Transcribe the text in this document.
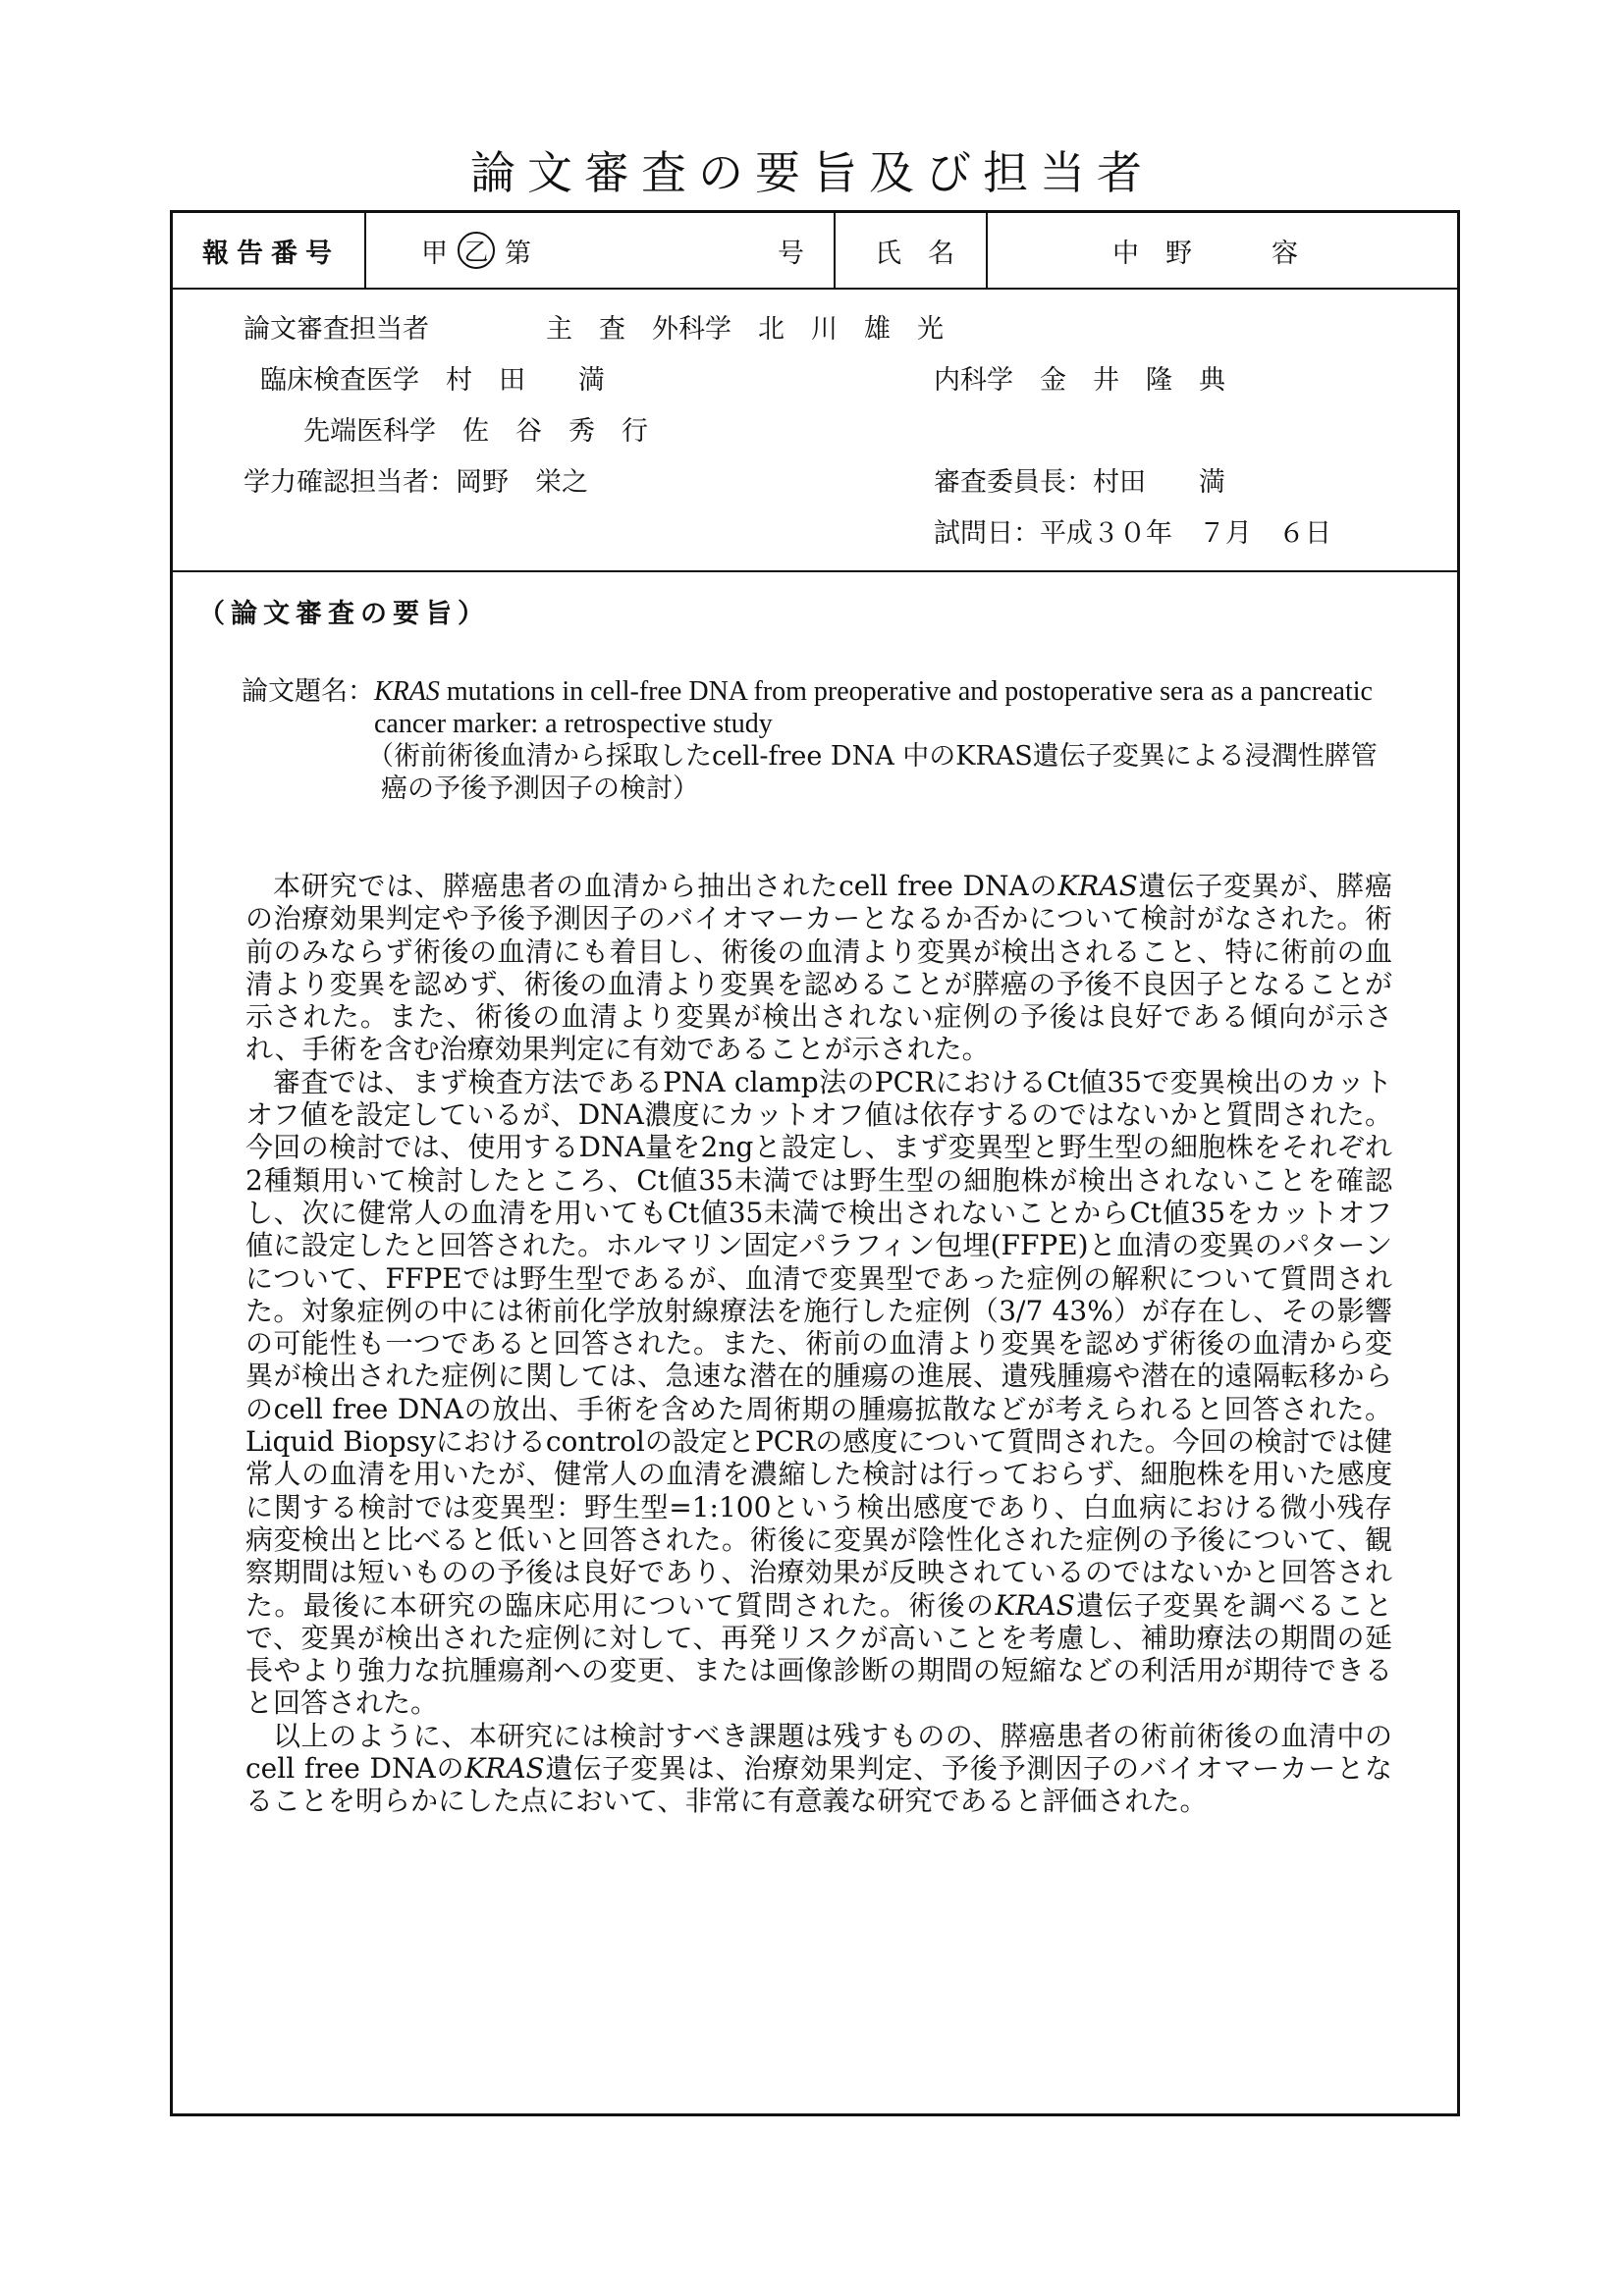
論文審査の要旨及び担当者
報告番号	甲 乙 第	号	氏　名	中　野　　　容
論文審査担当者	主　査　外科学　北　川　雄　光
臨床検査医学　村　田　　満	内科学　金　井　隆　典
先端医科学　佐　谷　秀　行
学力確認担当者：岡野　栄之	審査委員長：村田　　満
試問日：平成３０年　７月　６日
（論文審査の要旨）
論文題名： KRAS mutations in cell-free DNA from preoperative and postoperative sera as a pancreatic cancer marker: a retrospective study
（術前術後血清から採取したcell-free DNA 中のKRAS遺伝子変異による浸潤性膵管癌の予後予測因子の検討）

本研究では、膵癌患者の血清から抽出されたcell free DNAのKRAS遺伝子変異が、膵癌の治療効果判定や予後予測因子のバイオマーカーとなるか否かについて検討がなされた。術前のみならず術後の血清にも着目し、術後の血清より変異が検出されること、特に術前の血清より変異を認めず、術後の血清より変異を認めることが膵癌の予後不良因子となることが示された。また、術後の血清より変異が検出されない症例の予後は良好である傾向が示され、手術を含む治療効果判定に有効であることが示された。

審査では、まず検査方法であるPNA clamp法のPCRにおけるCt値35で変異検出のカットオフ値を設定しているが、DNA濃度にカットオフ値は依存するのではないかと質問された。今回の検討では、使用するDNA量を2ngと設定し、まず変異型と野生型の細胞株をそれぞれ2種類用いて検討したところ、Ct値35未満では野生型の細胞株が検出されないことを確認し、次に健常人の血清を用いてもCt値35未満で検出されないことからCt値35をカットオフ値に設定したと回答された。ホルマリン固定パラフィン包埋(FFPE)と血清の変異のパターンについて、FFPEでは野生型であるが、血清で変異型であった症例の解釈について質問された。対象症例の中には術前化学放射線療法を施行した症例（3/7 43%）が存在し、その影響の可能性も一つであると回答された。また、術前の血清より変異を認めず術後の血清から変異が検出された症例に関しては、急速な潜在的腫瘍の進展、遺残腫瘍や潜在的遠隔転移からのcell free DNAの放出、手術を含めた周術期の腫瘍拡散などが考えられると回答された。Liquid Biopsyにおけるcontrolの設定とPCRの感度について質問された。今回の検討では健常人の血清を用いたが、健常人の血清を濃縮した検討は行っておらず、細胞株を用いた感度に関する検討では変異型：野生型=1:100という検出感度であり、白血病における微小残存病変検出と比べると低いと回答された。術後に変異が陰性化された症例の予後について、観察期間は短いものの予後は良好であり、治療効果が反映されているのではないかと回答された。最後に本研究の臨床応用について質問された。術後のKRAS遺伝子変異を調べることで、変異が検出された症例に対して、再発リスクが高いことを考慮し、補助療法の期間の延長やより強力な抗腫瘍剤への変更、または画像診断の期間の短縮などの利活用が期待できると回答された。

以上のように、本研究には検討すべき課題は残すものの、膵癌患者の術前術後の血清中のcell free DNAのKRAS遺伝子変異は、治療効果判定、予後予測因子のバイオマーカーとなることを明らかにした点において、非常に有意義な研究であると評価された。
